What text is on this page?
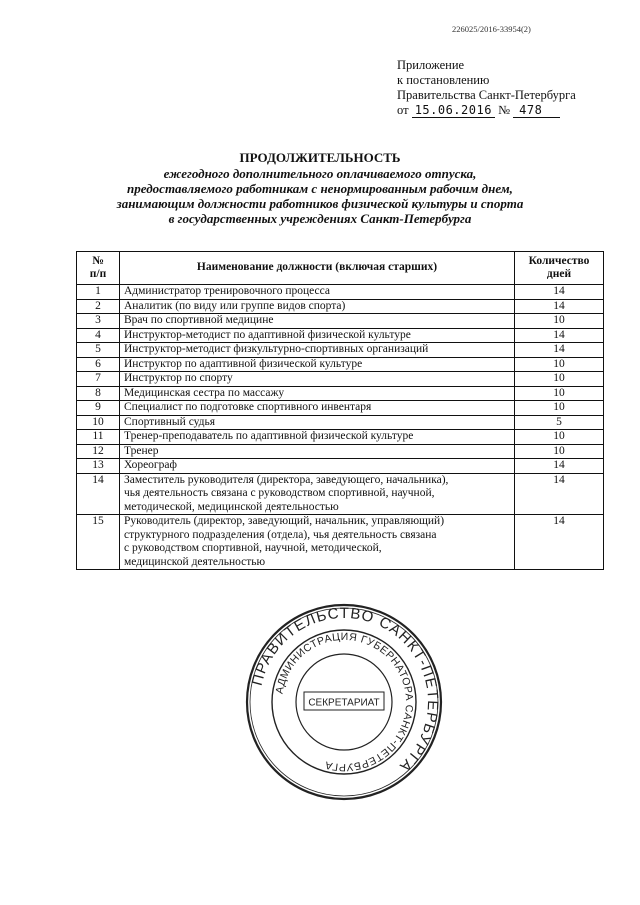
226025/2016-33954(2)
Приложение
к постановлению
Правительства Санкт-Петербурга
от 15.06.2016 № 478
ПРОДОЛЖИТЕЛЬНОСТЬ
ежегодного дополнительного оплачиваемого отпуска,
предоставляемого работникам с ненормированным рабочим днем,
занимающим должности работников физической культуры и спорта
в государственных учреждениях Санкт-Петербурга
№
п/п	Наименование должности (включая старших)	Количество дней
1	Администратор тренировочного процесса	14
2	Аналитик (по виду или группе видов спорта)	14
3	Врач по спортивной медицине	10
4	Инструктор-методист по адаптивной физической культуре	14
5	Инструктор-методист физкультурно-спортивных организаций	14
6	Инструктор по адаптивной физической культуре	10
7	Инструктор по спорту	10
8	Медицинская сестра по массажу	10
9	Специалист по подготовке спортивного инвентаря	10
10	Спортивный судья	5
11	Тренер-преподаватель по адаптивной физической культуре	10
12	Тренер	10
13	Хореограф	14
14	Заместитель руководителя (директора, заведующего, начальника),
чья деятельность связана с руководством спортивной, научной,
методической, медицинской деятельностью	14
15	Руководитель (директор, заведующий, начальник, управляющий)
структурного подразделения (отдела), чья деятельность связана
с руководством спортивной, научной, методической,
медицинской деятельностью	14
ПРАВИТЕЛЬСТВО САНКТ-ПЕТЕРБУРГА
АДМИНИСТРАЦИЯ ГУБЕРНАТОРА САНКТ-ПЕТЕРБУРГА
СЕКРЕТАРИАТ
